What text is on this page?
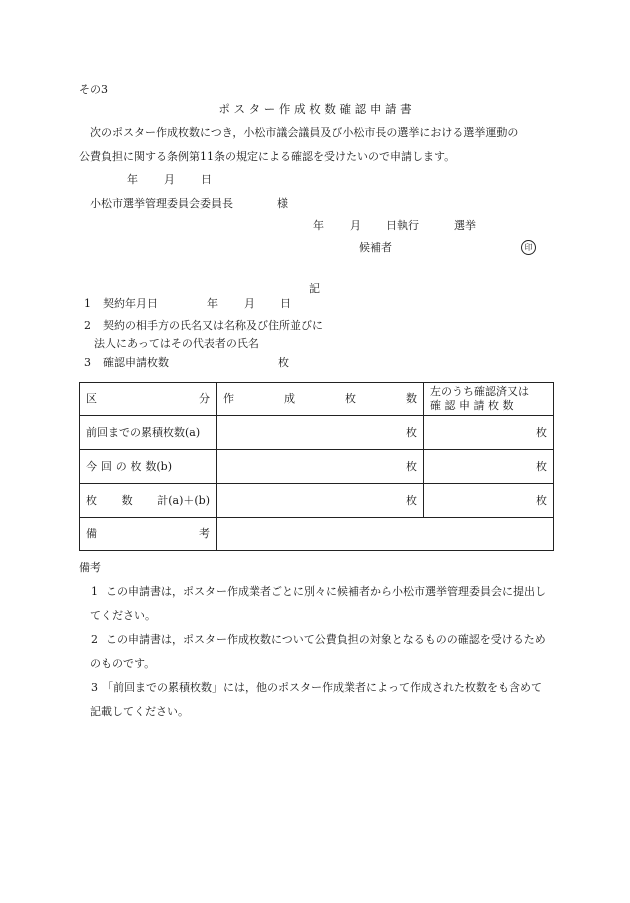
その3
ポ ス タ ー 作 成 枚 数 確 認 申 請 書
次のポスター作成枚数につき，小松市議会議員及び小松市長の選挙における選挙運動の
公費負担に関する条例第11条の規定による確認を受けたいので申請します。
年 月 日
小松市選挙管理委員会委員長	様
年 月 日執行	選挙
候補者	印
記
1 契約年月日	年 月 日
2 契約の相手方の氏名又は名称及び住所並びに
法人にあってはその代表者の氏名
3 確認申請枚数	枚
区 分	作 成 枚 数	左のうち確認済又は
確 認 申 請 枚 数

前回までの累積枚数(a)	枚	枚

今 回 の 枚 数(b)	枚	枚

枚 数 計(a)＋(b)	枚	枚

備 考		

備考
1 この申請書は，ポスター作成業者ごとに別々に候補者から小松市選挙管理委員会に提出してください。
2 この申請書は，ポスター作成枚数について公費負担の対象となるものの確認を受けるためのものです。
3 「前回までの累積枚数」には，他のポスター作成業者によって作成された枚数をも含めて記載してください。
